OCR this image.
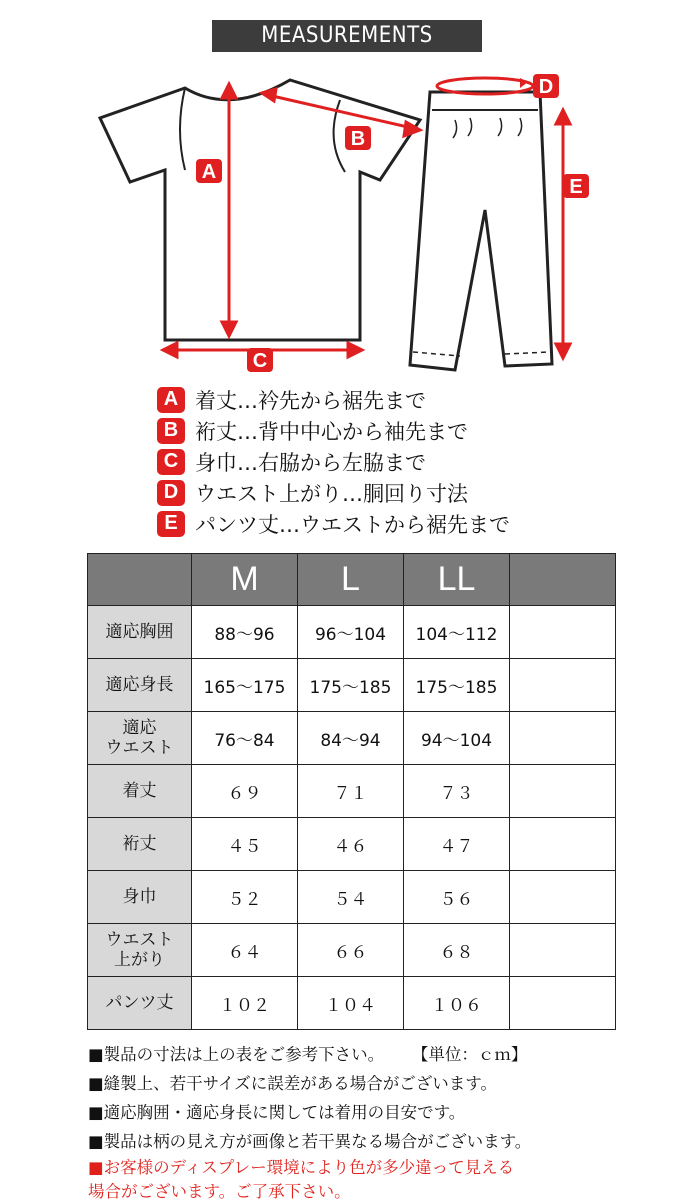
MEASUREMENTS
A
B
C
D
E
A 着丈…衿先から裾先まで
B 裄丈…背中中心から袖先まで
C 身巾…右脇から左脇まで
D ウエスト上がり…胴回り寸法
E パンツ丈…ウエストから裾先まで
	M	L	LL	
適応胸囲	88～96	96～104	104～112	
適応身長	165～175	175～185	175～185	
適応
ウエスト	76～84	84～94	94～104	
着丈	６９	７１	７３	
裄丈	４５	４６	４７	
身巾	５２	５４	５６	
ウエスト
上がり	６４	６６	６８	
パンツ丈	１０２	１０４	１０６	
■製品の寸法は上の表をご参考下さい。 【単位：ｃｍ】
■縫製上、若干サイズに誤差がある場合がございます。
■適応胸囲・適応身長に関しては着用の目安です。
■製品は柄の見え方が画像と若干異なる場合がございます。
■お客様のディスプレー環境により色が多少違って見える
場合がございます。ご了承下さい。
